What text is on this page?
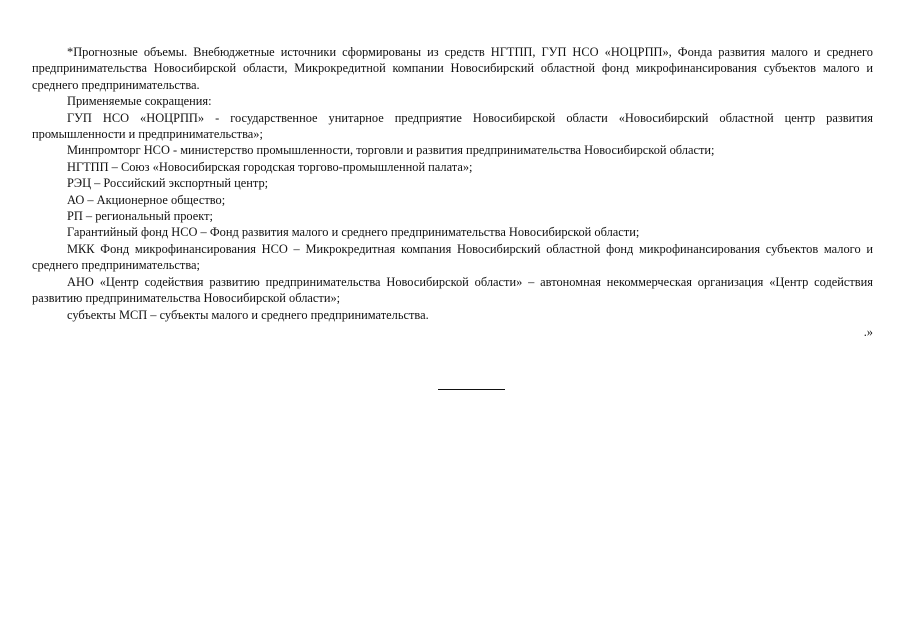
*Прогнозные объемы. Внебюджетные источники сформированы из средств НГТПП, ГУП НСО «НОЦРПП», Фонда развития малого и среднего предпринимательства Новосибирской области, Микрокредитной компании Новосибирский областной фонд микрофинансирования субъектов малого и среднего предпринимательства.

Применяемые сокращения:

ГУП НСО «НОЦРПП» - государственное унитарное предприятие Новосибирской области «Новосибирский областной центр развития промышленности и предпринимательства»;

Минпромторг НСО - министерство промышленности, торговли и развития предпринимательства Новосибирской области;

НГТПП – Союз «Новосибирская городская торгово-промышленной палата»;

РЭЦ – Российский экспортный центр;

АО – Акционерное общество;

РП – региональный проект;

Гарантийный фонд НСО – Фонд развития малого и среднего предпринимательства Новосибирской области;

МКК Фонд микрофинансирования НСО – Микрокредитная компания Новосибирский областной фонд микрофинансирования субъектов малого и среднего предпринимательства;

АНО «Центр содействия развитию предпринимательства Новосибирской области» – автономная некоммерческая организация «Центр содействия развитию предпринимательства Новосибирской области»;

субъекты МСП – субъекты малого и среднего предпринимательства.

.»
